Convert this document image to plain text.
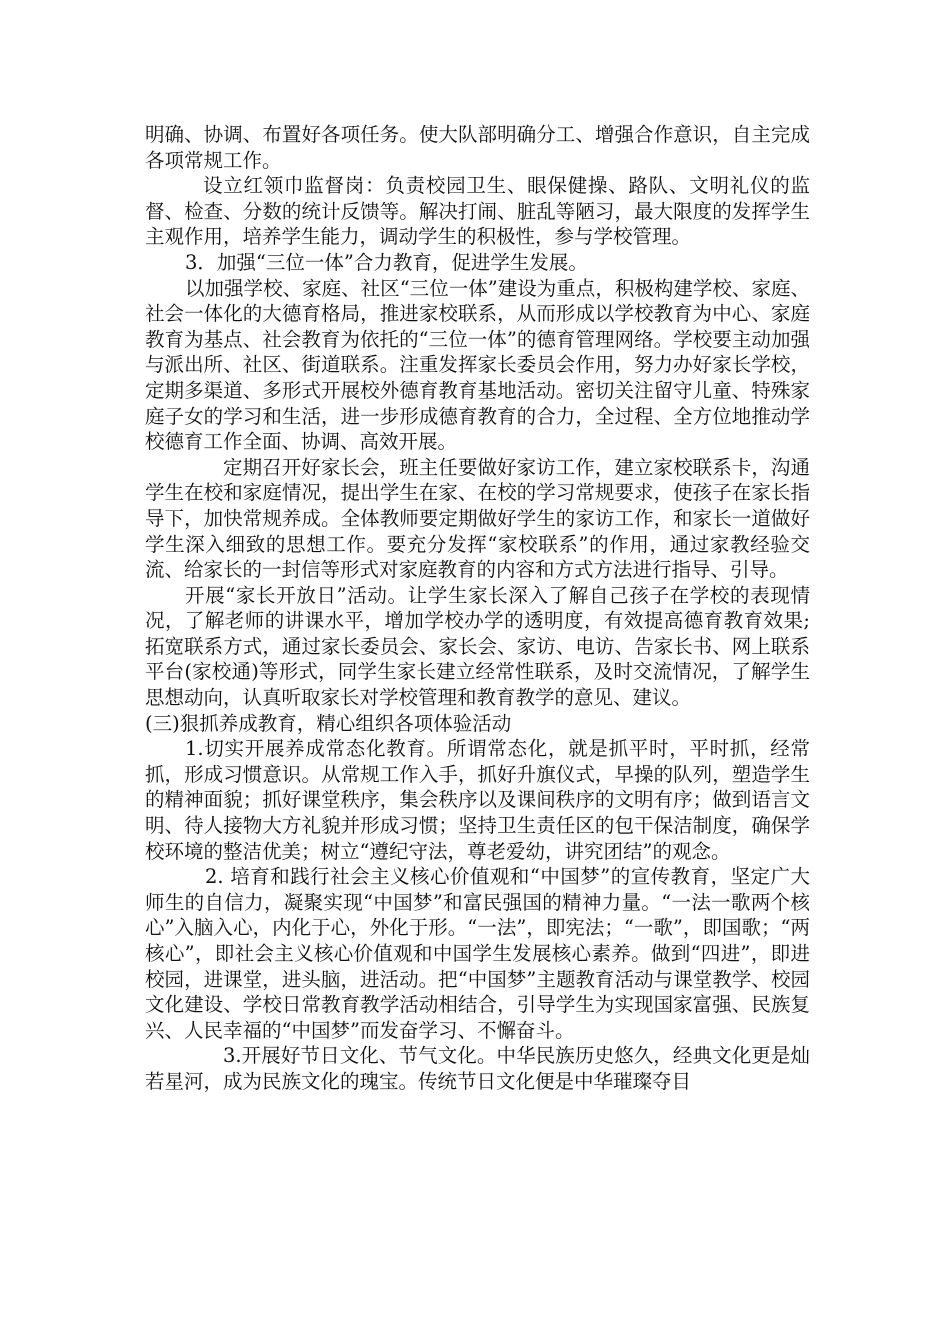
明确、协调、布置好各项任务。使大队部明确分工、增强合作意识，自主完成各项常规工作。

设立红领巾监督岗：负责校园卫生、眼保健操、路队、文明礼仪的监督、检查、分数的统计反馈等。解决打闹、脏乱等陋习，最大限度的发挥学生主观作用，培养学生能力，调动学生的积极性，参与学校管理。

3．加强“三位一体”合力教育，促进学生发展。

以加强学校、家庭、社区“三位一体”建设为重点，积极构建学校、家庭、社会一体化的大德育格局，推进家校联系，从而形成以学校教育为中心、家庭教育为基点、社会教育为依托的“三位一体”的德育管理网络。学校要主动加强与派出所、社区、街道联系。注重发挥家长委员会作用，努力办好家长学校，定期多渠道、多形式开展校外德育教育基地活动。密切关注留守儿童、特殊家庭子女的学习和生活，进一步形成德育教育的合力，全过程、全方位地推动学校德育工作全面、协调、高效开展。

定期召开好家长会，班主任要做好家访工作，建立家校联系卡，沟通学生在校和家庭情况，提出学生在家、在校的学习常规要求，使孩子在家长指导下，加快常规养成。全体教师要定期做好学生的家访工作，和家长一道做好学生深入细致的思想工作。要充分发挥“家校联系”的作用，通过家教经验交流、给家长的一封信等形式对家庭教育的内容和方式方法进行指导、引导。

开展“家长开放日”活动。让学生家长深入了解自己孩子在学校的表现情况，了解老师的讲课水平，增加学校办学的透明度，有效提高德育教育效果;拓宽联系方式，通过家长委员会、家长会、家访、电访、告家长书、网上联系平台(家校通)等形式，同学生家长建立经常性联系，及时交流情况，了解学生思想动向，认真听取家长对学校管理和教育教学的意见、建议。

(三)狠抓养成教育，精心组织各项体验活动

1.切实开展养成常态化教育。所谓常态化，就是抓平时，平时抓，经常抓，形成习惯意识。从常规工作入手，抓好升旗仪式，早操的队列，塑造学生的精神面貌；抓好课堂秩序，集会秩序以及课间秩序的文明有序；做到语言文明、待人接物大方礼貌并形成习惯；坚持卫生责任区的包干保洁制度，确保学校环境的整洁优美；树立“遵纪守法，尊老爱幼，讲究团结”的观念。

2. 培育和践行社会主义核心价值观和“中国梦”的宣传教育，坚定广大师生的自信力，凝聚实现“中国梦”和富民强国的精神力量。“一法一歌两个核心”入脑入心，内化于心，外化于形。“一法”，即宪法；“一歌”，即国歌；“两核心”，即社会主义核心价值观和中国学生发展核心素养。做到“四进”，即进校园，进课堂，进头脑，进活动。把“中国梦”主题教育活动与课堂教学、校园文化建设、学校日常教育教学活动相结合，引导学生为实现国家富强、民族复兴、人民幸福的“中国梦”而发奋学习、不懈奋斗。

3.开展好节日文化、节气文化。中华民族历史悠久，经典文化更是灿若星河，成为民族文化的瑰宝。传统节日文化便是中华璀璨夺目
